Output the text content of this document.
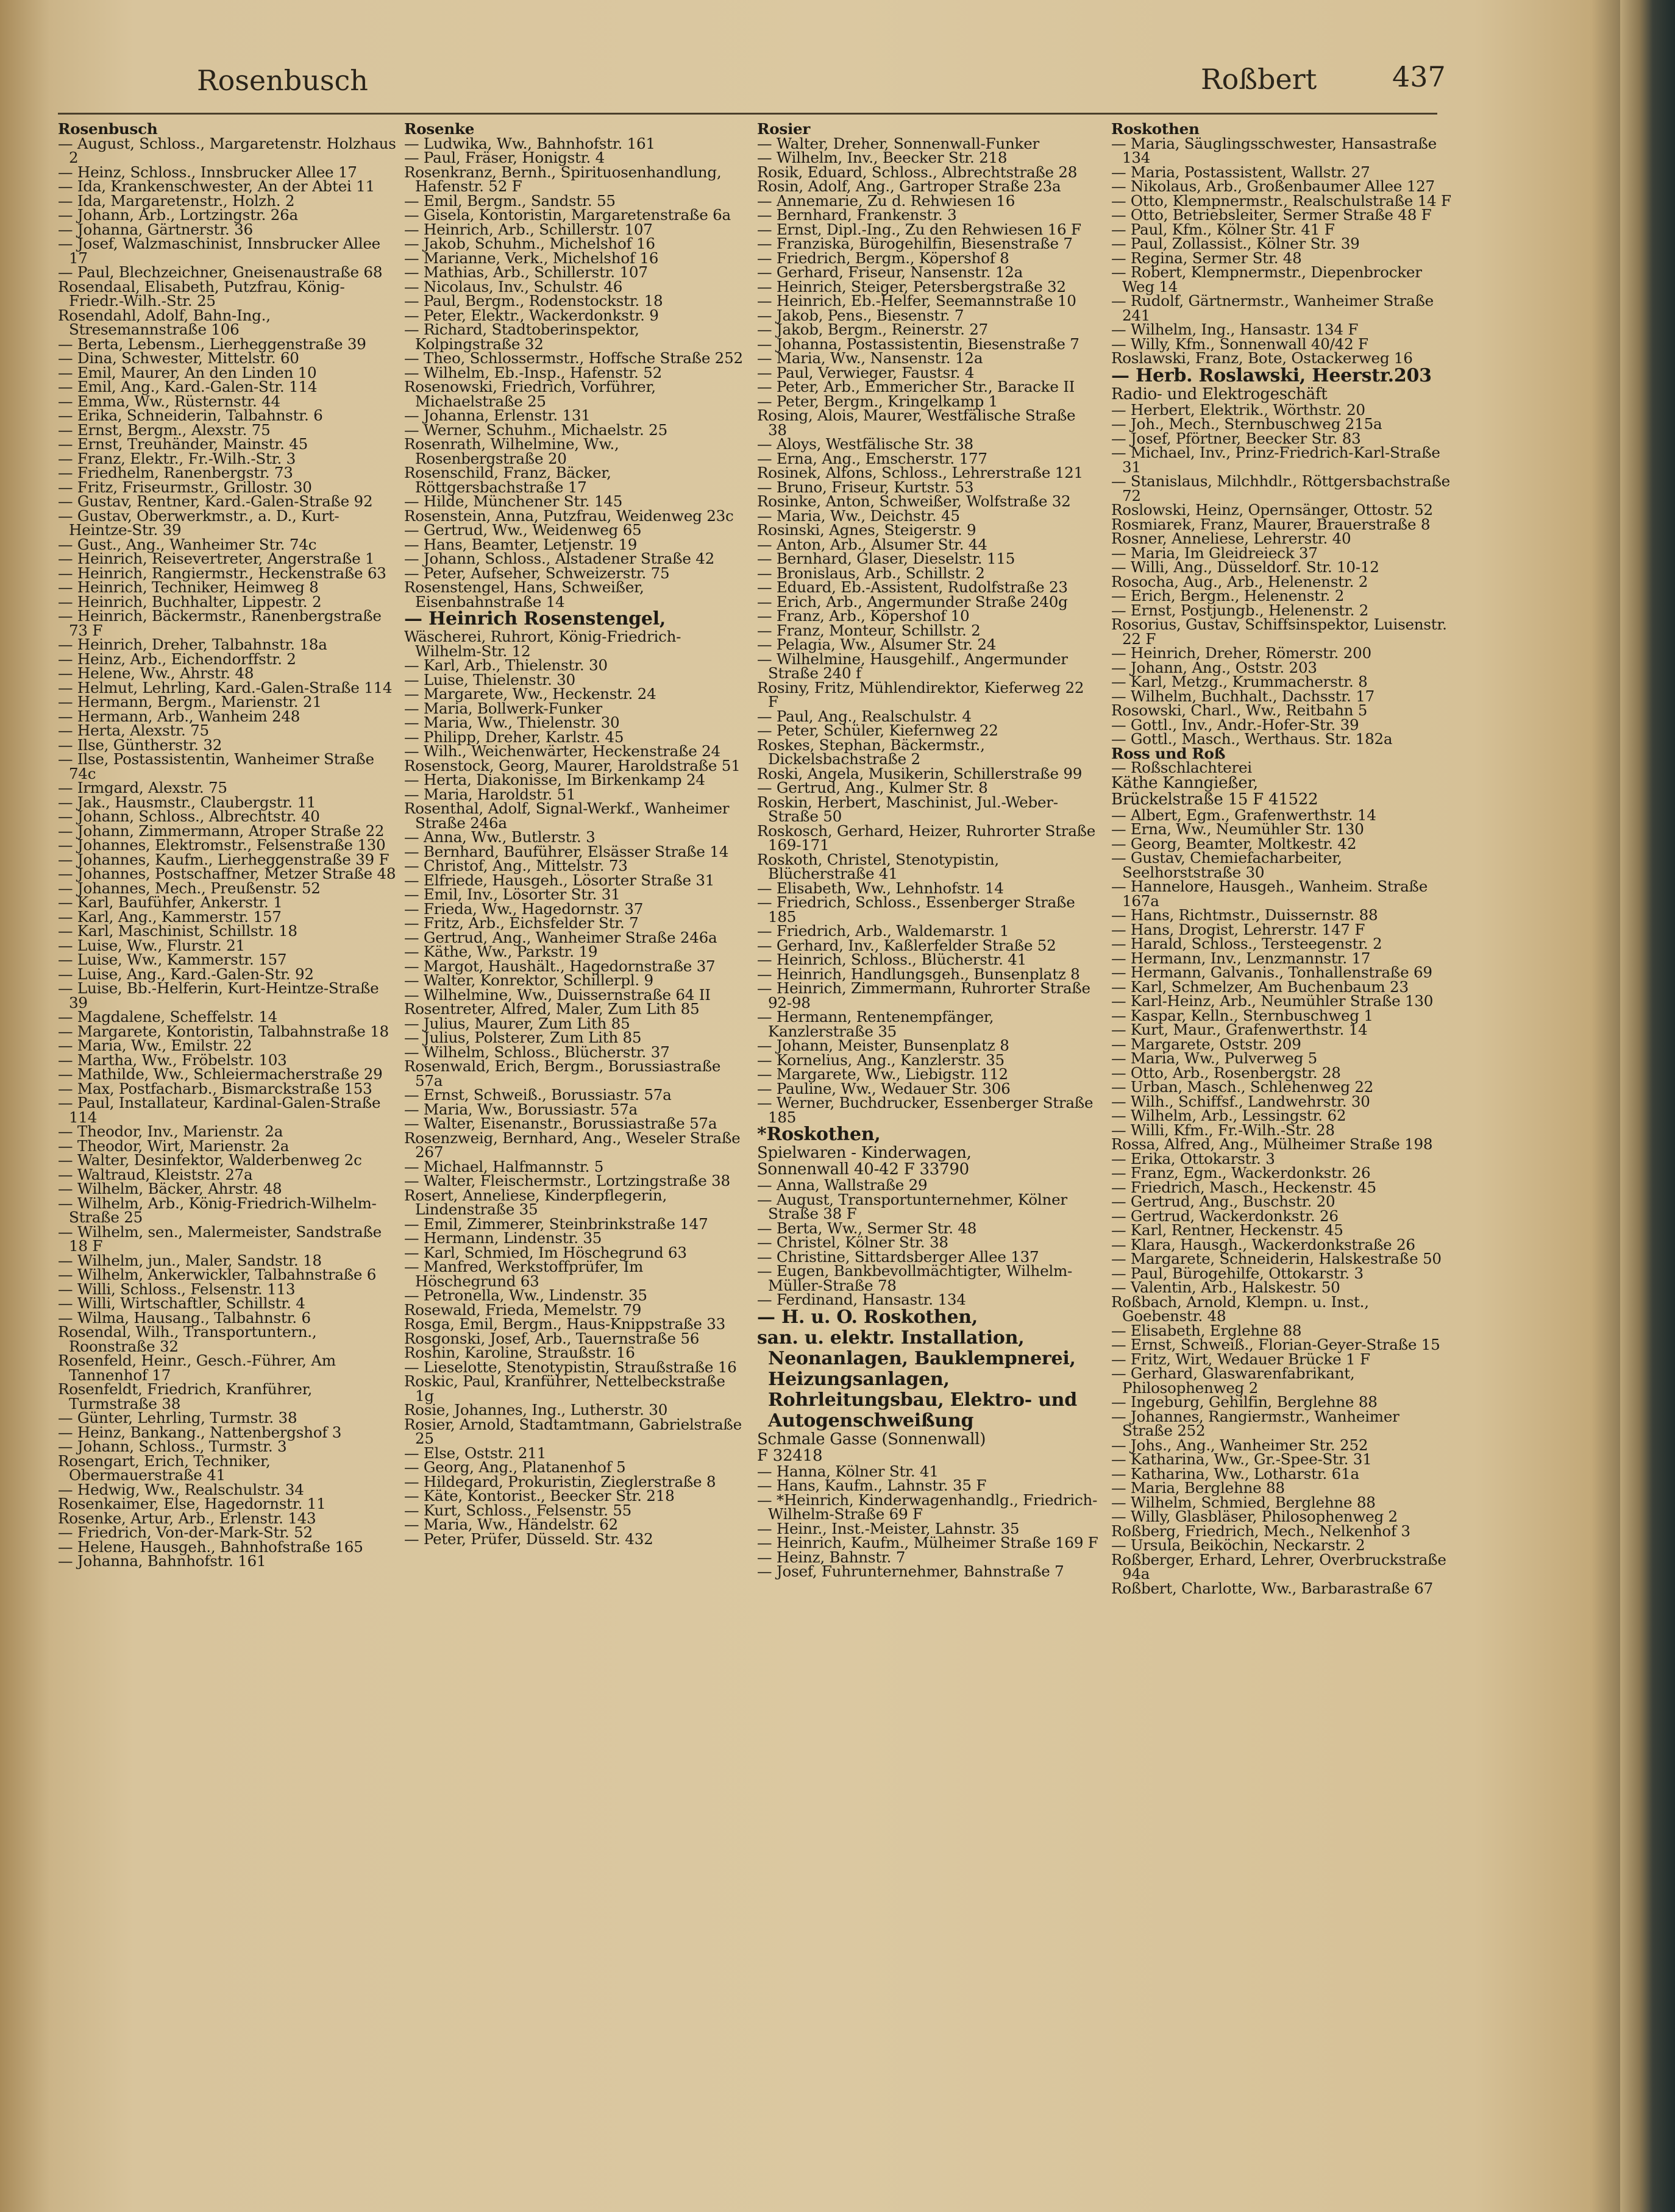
Rosenbusch	Roßbert	437
Rosenbusch
— August, Schloss., Margaretenstr. Holzhaus 2
— Heinz, Schloss., Innsbrucker Allee 17
— Ida, Krankenschwester, An der Abtei 11
— Ida, Margaretenstr., Holzh. 2
— Johann, Arb., Lortzingstr. 26a
— Johanna, Gärtnerstr. 36
— Josef, Walzmaschinist, Innsbrucker Allee 17
— Paul, Blechzeichner, Gneisenaustraße 68
Rosendaal, Elisabeth, Putzfrau, König-Friedr.-Wilh.-Str. 25
Rosendahl, Adolf, Bahn-Ing., Stresemannstraße 106
— Berta, Lebensm., Lierheggenstraße 39
— Dina, Schwester, Mittelstr. 60
— Emil, Maurer, An den Linden 10
— Emil, Ang., Kard.-Galen-Str. 114
— Emma, Ww., Rüsternstr. 44
— Erika, Schneiderin, Talbahnstr. 6
— Ernst, Bergm., Alexstr. 75
— Ernst, Treuhänder, Mainstr. 45
— Franz, Elektr., Fr.-Wilh.-Str. 3
— Friedhelm, Ranenbergstr. 73
— Fritz, Friseurmstr., Grillostr. 30
— Gustav, Rentner, Kard.-Galen-Straße 92
— Gustav, Oberwerkmstr., a. D., Kurt-Heintze-Str. 39
— Gust., Ang., Wanheimer Str. 74c
— Heinrich, Reisevertreter, Angerstraße 1
— Heinrich, Rangiermstr., Heckenstraße 63
— Heinrich, Techniker, Heimweg 8
— Heinrich, Buchhalter, Lippestr. 2
— Heinrich, Bäckermstr., Ranenbergstraße 73 F
— Heinrich, Dreher, Talbahnstr. 18a
— Heinz, Arb., Eichendorffstr. 2
— Helene, Ww., Ahrstr. 48
— Helmut, Lehrling, Kard.-Galen-Straße 114
— Hermann, Bergm., Marienstr. 21
— Hermann, Arb., Wanheim 248
— Herta, Alexstr. 75
— Ilse, Güntherstr. 32
— Ilse, Postassistentin, Wanheimer Straße 74c
— Irmgard, Alexstr. 75
— Jak., Hausmstr., Claubergstr. 11
— Johann, Schloss., Albrechtstr. 40
— Johann, Zimmermann, Atroper Straße 22
— Johannes, Elektromstr., Felsenstraße 130
— Johannes, Kaufm., Lierheggenstraße 39 F
— Johannes, Postschaffner, Metzer Straße 48
— Johannes, Mech., Preußenstr. 52
— Karl, Baufühfer, Ankerstr. 1
— Karl, Ang., Kammerstr. 157
— Karl, Maschinist, Schillstr. 18
— Luise, Ww., Flurstr. 21
— Luise, Ww., Kammerstr. 157
— Luise, Ang., Kard.-Galen-Str. 92
— Luise, Bb.-Helferin, Kurt-Heintze-Straße 39
— Magdalene, Scheffelstr. 14
— Margarete, Kontoristin, Talbahnstraße 18
— Maria, Ww., Emilstr. 22
— Martha, Ww., Fröbelstr. 103
— Mathilde, Ww., Schleiermacherstraße 29
— Max, Postfacharb., Bismarckstraße 153
— Paul, Installateur, Kardinal-Galen-Straße 114
— Theodor, Inv., Marienstr. 2a
— Theodor, Wirt, Marienstr. 2a
— Walter, Desinfektor, Walderbenweg 2c
— Waltraud, Kleiststr. 27a
— Wilhelm, Bäcker, Ahrstr. 48
— Wilhelm, Arb., König-Friedrich-Wilhelm-Straße 25
— Wilhelm, sen., Malermeister, Sandstraße 18 F
— Wilhelm, jun., Maler, Sandstr. 18
— Wilhelm, Ankerwickler, Talbahnstraße 6
— Willi, Schloss., Felsenstr. 113
— Willi, Wirtschaftler, Schillstr. 4
— Wilma, Hausang., Talbahnstr. 6
Rosendal, Wilh., Transportuntern., Roonstraße 32
Rosenfeld, Heinr., Gesch.-Führer, Am Tannenhof 17
Rosenfeldt, Friedrich, Kranführer, Turmstraße 38
— Günter, Lehrling, Turmstr. 38
— Heinz, Bankang., Nattenbergshof 3
— Johann, Schloss., Turmstr. 3
Rosengart, Erich, Techniker, Obermauerstraße 41
— Hedwig, Ww., Realschulstr. 34
Rosenkaimer, Else, Hagedornstr. 11
Rosenke, Artur, Arb., Erlenstr. 143
— Friedrich, Von-der-Mark-Str. 52
— Helene, Hausgeh., Bahnhofstraße 165
— Johanna, Bahnhofstr. 161
Rosenke
— Ludwika, Ww., Bahnhofstr. 161
— Paul, Fräser, Honigstr. 4
Rosenkranz, Bernh., Spirituosenhandlung, Hafenstr. 52 F
— Emil, Bergm., Sandstr. 55
— Gisela, Kontoristin, Margaretenstraße 6a
— Heinrich, Arb., Schillerstr. 107
— Jakob, Schuhm., Michelshof 16
— Marianne, Verk., Michelshof 16
— Mathias, Arb., Schillerstr. 107
— Nicolaus, Inv., Schulstr. 46
— Paul, Bergm., Rodenstockstr. 18
— Peter, Elektr., Wackerdonkstr. 9
— Richard, Stadtoberinspektor, Kolpingstraße 32
— Theo, Schlossermstr., Hoffsche Straße 252
— Wilhelm, Eb.-Insp., Hafenstr. 52
Rosenowski, Friedrich, Vorführer, Michaelstraße 25
— Johanna, Erlenstr. 131
— Werner, Schuhm., Michaelstr. 25
Rosenrath, Wilhelmine, Ww., Rosenbergstraße 20
Rosenschild, Franz, Bäcker, Röttgersbachstraße 17
— Hilde, Münchener Str. 145
Rosenstein, Anna, Putzfrau, Weidenweg 23c
— Gertrud, Ww., Weidenweg 65
— Hans, Beamter, Letjenstr. 19
— Johann, Schloss., Alstadener Straße 42
— Peter, Aufseher, Schweizerstr. 75
Rosenstengel, Hans, Schweißer, Eisenbahnstraße 14
— Heinrich Rosenstengel,
Wäscherei, Ruhrort, König-Friedrich-Wilhelm-Str. 12
— Karl, Arb., Thielenstr. 30
— Luise, Thielenstr. 30
— Margarete, Ww., Heckenstr. 24
— Maria, Bollwerk-Funker
— Maria, Ww., Thielenstr. 30
— Philipp, Dreher, Karlstr. 45
— Wilh., Weichenwärter, Heckenstraße 24
Rosenstock, Georg, Maurer, Haroldstraße 51
— Herta, Diakonisse, Im Birkenkamp 24
— Maria, Haroldstr. 51
Rosenthal, Adolf, Signal-Werkf., Wanheimer Straße 246a
— Anna, Ww., Butlerstr. 3
— Bernhard, Bauführer, Elsässer Straße 14
— Christof, Ang., Mittelstr. 73
— Elfriede, Hausgeh., Lösorter Straße 31
— Emil, Inv., Lösorter Str. 31
— Frieda, Ww., Hagedornstr. 37
— Fritz, Arb., Eichsfelder Str. 7
— Gertrud, Ang., Wanheimer Straße 246a
— Käthe, Ww., Parkstr. 19
— Margot, Haushält., Hagedornstraße 37
— Walter, Konrektor, Schillerpl. 9
— Wilhelmine, Ww., Duissernstraße 64 II
Rosentreter, Alfred, Maler, Zum Lith 85
— Julius, Maurer, Zum Lith 85
— Julius, Polsterer, Zum Lith 85
— Wilhelm, Schloss., Blücherstr. 37
Rosenwald, Erich, Bergm., Borussiastraße 57a
— Ernst, Schweiß., Borussiastr. 57a
— Maria, Ww., Borussiastr. 57a
— Walter, Eisenanstr., Borussiastraße 57a
Rosenzweig, Bernhard, Ang., Weseler Straße 267
— Michael, Halfmannstr. 5
— Walter, Fleischermstr., Lortzingstraße 38
Rosert, Anneliese, Kinderpflegerin, Lindenstraße 35
— Emil, Zimmerer, Steinbrinkstraße 147
— Hermann, Lindenstr. 35
— Karl, Schmied, Im Höschegrund 63
— Manfred, Werkstoffprüfer, Im Höschegrund 63
— Petronella, Ww., Lindenstr. 35
Rosewald, Frieda, Memelstr. 79
Rosga, Emil, Bergm., Haus-Knippstraße 33
Rosgonski, Josef, Arb., Tauernstraße 56
Roshin, Karoline, Straußstr. 16
— Lieselotte, Stenotypistin, Straußstraße 16
Roskic, Paul, Kranführer, Nettelbeckstraße 1g
Rosie, Johannes, Ing., Lutherstr. 30
Rosier, Arnold, Stadtamtmann, Gabrielstraße 25
— Else, Oststr. 211
— Georg, Ang., Platanenhof 5
— Hildegard, Prokuristin, Zieglerstraße 8
— Käte, Kontorist., Beecker Str. 218
— Kurt, Schloss., Felsenstr. 55
— Maria, Ww., Händelstr. 62
— Peter, Prüfer, Düsseld. Str. 432
Rosier
— Walter, Dreher, Sonnenwall-Funker
— Wilhelm, Inv., Beecker Str. 218
Rosik, Eduard, Schloss., Albrechtstraße 28
Rosin, Adolf, Ang., Gartroper Straße 23a
— Annemarie, Zu d. Rehwiesen 16
— Bernhard, Frankenstr. 3
— Ernst, Dipl.-Ing., Zu den Rehwiesen 16 F
— Franziska, Bürogehilfin, Biesenstraße 7
— Friedrich, Bergm., Köpershof 8
— Gerhard, Friseur, Nansenstr. 12a
— Heinrich, Steiger, Petersbergstraße 32
— Heinrich, Eb.-Helfer, Seemannstraße 10
— Jakob, Pens., Biesenstr. 7
— Jakob, Bergm., Reinerstr. 27
— Johanna, Postassistentin, Biesenstraße 7
— Maria, Ww., Nansenstr. 12a
— Paul, Verwieger, Faustsr. 4
— Peter, Arb., Emmericher Str., Baracke II
— Peter, Bergm., Kringelkamp 1
Rosing, Alois, Maurer, Westfälische Straße 38
— Aloys, Westfälische Str. 38
— Erna, Ang., Emscherstr. 177
Rosinek, Alfons, Schloss., Lehrerstraße 121
— Bruno, Friseur, Kurtstr. 53
Rosinke, Anton, Schweißer, Wolfstraße 32
— Maria, Ww., Deichstr. 45
Rosinski, Agnes, Steigerstr. 9
— Anton, Arb., Alsumer Str. 44
— Bernhard, Glaser, Dieselstr. 115
— Bronislaus, Arb., Schillstr. 2
— Eduard, Eb.-Assistent, Rudolfstraße 23
— Erich, Arb., Angermunder Straße 240g
— Franz, Arb., Köpershof 10
— Franz, Monteur, Schillstr. 2
— Pelagia, Ww., Alsumer Str. 24
— Wilhelmine, Hausgehilf., Angermunder Straße 240 f
Rosiny, Fritz, Mühlendirektor, Kieferweg 22 F
— Paul, Ang., Realschulstr. 4
— Peter, Schüler, Kiefernweg 22
Roskes, Stephan, Bäckermstr., Dickelsbachstraße 2
Roski, Angela, Musikerin, Schillerstraße 99
— Gertrud, Ang., Kulmer Str. 8
Roskin, Herbert, Maschinist, Jul.-Weber-Straße 50
Roskosch, Gerhard, Heizer, Ruhrorter Straße 169-171
Roskoth, Christel, Stenotypistin, Blücherstraße 41
— Elisabeth, Ww., Lehnhofstr. 14
— Friedrich, Schloss., Essenberger Straße 185
— Friedrich, Arb., Waldemarstr. 1
— Gerhard, Inv., Kaßlerfelder Straße 52
— Heinrich, Schloss., Blücherstr. 41
— Heinrich, Handlungsgeh., Bunsenplatz 8
— Heinrich, Zimmermann, Ruhrorter Straße 92-98
— Hermann, Rentenempfänger, Kanzlerstraße 35
— Johann, Meister, Bunsenplatz 8
— Kornelius, Ang., Kanzlerstr. 35
— Margarete, Ww., Liebigstr. 112
— Pauline, Ww., Wedauer Str. 306
— Werner, Buchdrucker, Essenberger Straße 185
*Roskothen,
Spielwaren - Kinderwagen,
Sonnenwall 40-42 F 33790
— Anna, Wallstraße 29
— August, Transportunternehmer, Kölner Straße 38 F
— Berta, Ww., Sermer Str. 48
— Christel, Kölner Str. 38
— Christine, Sittardsberger Allee 137
— Eugen, Bankbevollmächtigter, Wilhelm-Müller-Straße 78
— Ferdinand, Hansastr. 134
— H. u. O. Roskothen,
san. u. elektr. Installation, Neonanlagen, Bauklempnerei, Heizungsanlagen, Rohrleitungsbau, Elektro- und Autogenschweißung
Schmale Gasse (Sonnenwall)
F 32418
— Hanna, Kölner Str. 41
— Hans, Kaufm., Lahnstr. 35 F
— *Heinrich, Kinderwagenhandlg., Friedrich-Wilhelm-Straße 69 F
— Heinr., Inst.-Meister, Lahnstr. 35
— Heinrich, Kaufm., Mülheimer Straße 169 F
— Heinz, Bahnstr. 7
— Josef, Fuhrunternehmer, Bahnstraße 7
Roskothen
— Maria, Säuglingsschwester, Hansastraße 134
— Maria, Postassistent, Wallstr. 27
— Nikolaus, Arb., Großenbaumer Allee 127
— Otto, Klempnermstr., Realschulstraße 14 F
— Otto, Betriebsleiter, Sermer Straße 48 F
— Paul, Kfm., Kölner Str. 41 F
— Paul, Zollassist., Kölner Str. 39
— Regina, Sermer Str. 48
— Robert, Klempnermstr., Diepenbrocker Weg 14
— Rudolf, Gärtnermstr., Wanheimer Straße 241
— Wilhelm, Ing., Hansastr. 134 F
— Willy, Kfm., Sonnenwall 40/42 F
Roslawski, Franz, Bote, Ostackerweg 16
— Herb. Roslawski, Heerstr.203
Radio- und Elektrogeschäft
— Herbert, Elektrik., Wörthstr. 20
— Joh., Mech., Sternbuschweg 215a
— Josef, Pförtner, Beecker Str. 83
— Michael, Inv., Prinz-Friedrich-Karl-Straße 31
— Stanislaus, Milchhdlr., Röttgersbachstraße 72
Roslowski, Heinz, Opernsänger, Ottostr. 52
Rosmiarek, Franz, Maurer, Brauerstraße 8
Rosner, Anneliese, Lehrerstr. 40
— Maria, Im Gleidreieck 37
— Willi, Ang., Düsseldorf. Str. 10-12
Rosocha, Aug., Arb., Helenenstr. 2
— Erich, Bergm., Helenenstr. 2
— Ernst, Postjungb., Helenenstr. 2
Rosorius, Gustav, Schiffsinspektor, Luisenstr. 22 F
— Heinrich, Dreher, Römerstr. 200
— Johann, Ang., Oststr. 203
— Karl, Metzg., Krummacherstr. 8
— Wilhelm, Buchhalt., Dachsstr. 17
Rosowski, Charl., Ww., Reitbahn 5
— Gottl., Inv., Andr.-Hofer-Str. 39
— Gottl., Masch., Werthaus. Str. 182a
Ross und Roß
— Roßschlachterei
Käthe Kanngießer,
Brückelstraße 15 F 41522
— Albert, Egm., Grafenwerthstr. 14
— Erna, Ww., Neumühler Str. 130
— Georg, Beamter, Moltkestr. 42
— Gustav, Chemiefacharbeiter, Seelhorststraße 30
— Hannelore, Hausgeh., Wanheim. Straße 167a
— Hans, Richtmstr., Duissernstr. 88
— Hans, Drogist, Lehrerstr. 147 F
— Harald, Schloss., Tersteegenstr. 2
— Hermann, Inv., Lenzmannstr. 17
— Hermann, Galvanis., Tonhallenstraße 69
— Karl, Schmelzer, Am Buchenbaum 23
— Karl-Heinz, Arb., Neumühler Straße 130
— Kaspar, Kelln., Sternbuschweg 1
— Kurt, Maur., Grafenwerthstr. 14
— Margarete, Oststr. 209
— Maria, Ww., Pulverweg 5
— Otto, Arb., Rosenbergstr. 28
— Urban, Masch., Schlehenweg 22
— Wilh., Schiffsf., Landwehrstr. 30
— Wilhelm, Arb., Lessingstr. 62
— Willi, Kfm., Fr.-Wilh.-Str. 28
Rossa, Alfred, Ang., Mülheimer Straße 198
— Erika, Ottokarstr. 3
— Franz, Egm., Wackerdonkstr. 26
— Friedrich, Masch., Heckenstr. 45
— Gertrud, Ang., Buschstr. 20
— Gertrud, Wackerdonkstr. 26
— Karl, Rentner, Heckenstr. 45
— Klara, Hausgh., Wackerdonkstraße 26
— Margarete, Schneiderin, Halskestraße 50
— Paul, Bürogehilfe, Ottokarstr. 3
— Valentin, Arb., Halskestr. 50
Roßbach, Arnold, Klempn. u. Inst., Goebenstr. 48
— Elisabeth, Erglehne 88
— Ernst, Schweiß., Florian-Geyer-Straße 15
— Fritz, Wirt, Wedauer Brücke 1 F
— Gerhard, Glaswarenfabrikant, Philosophenweg 2
— Ingeburg, Gehilfin, Berglehne 88
— Johannes, Rangiermstr., Wanheimer Straße 252
— Johs., Ang., Wanheimer Str. 252
— Katharina, Ww., Gr.-Spee-Str. 31
— Katharina, Ww., Lotharstr. 61a
— Maria, Berglehne 88
— Wilhelm, Schmied, Berglehne 88
— Willy, Glasbläser, Philosophenweg 2
Roßberg, Friedrich, Mech., Nelkenhof 3
— Ursula, Beiköchin, Neckarstr. 2
Roßberger, Erhard, Lehrer, Overbruckstraße 94a
Roßbert, Charlotte, Ww., Barbarastraße 67
